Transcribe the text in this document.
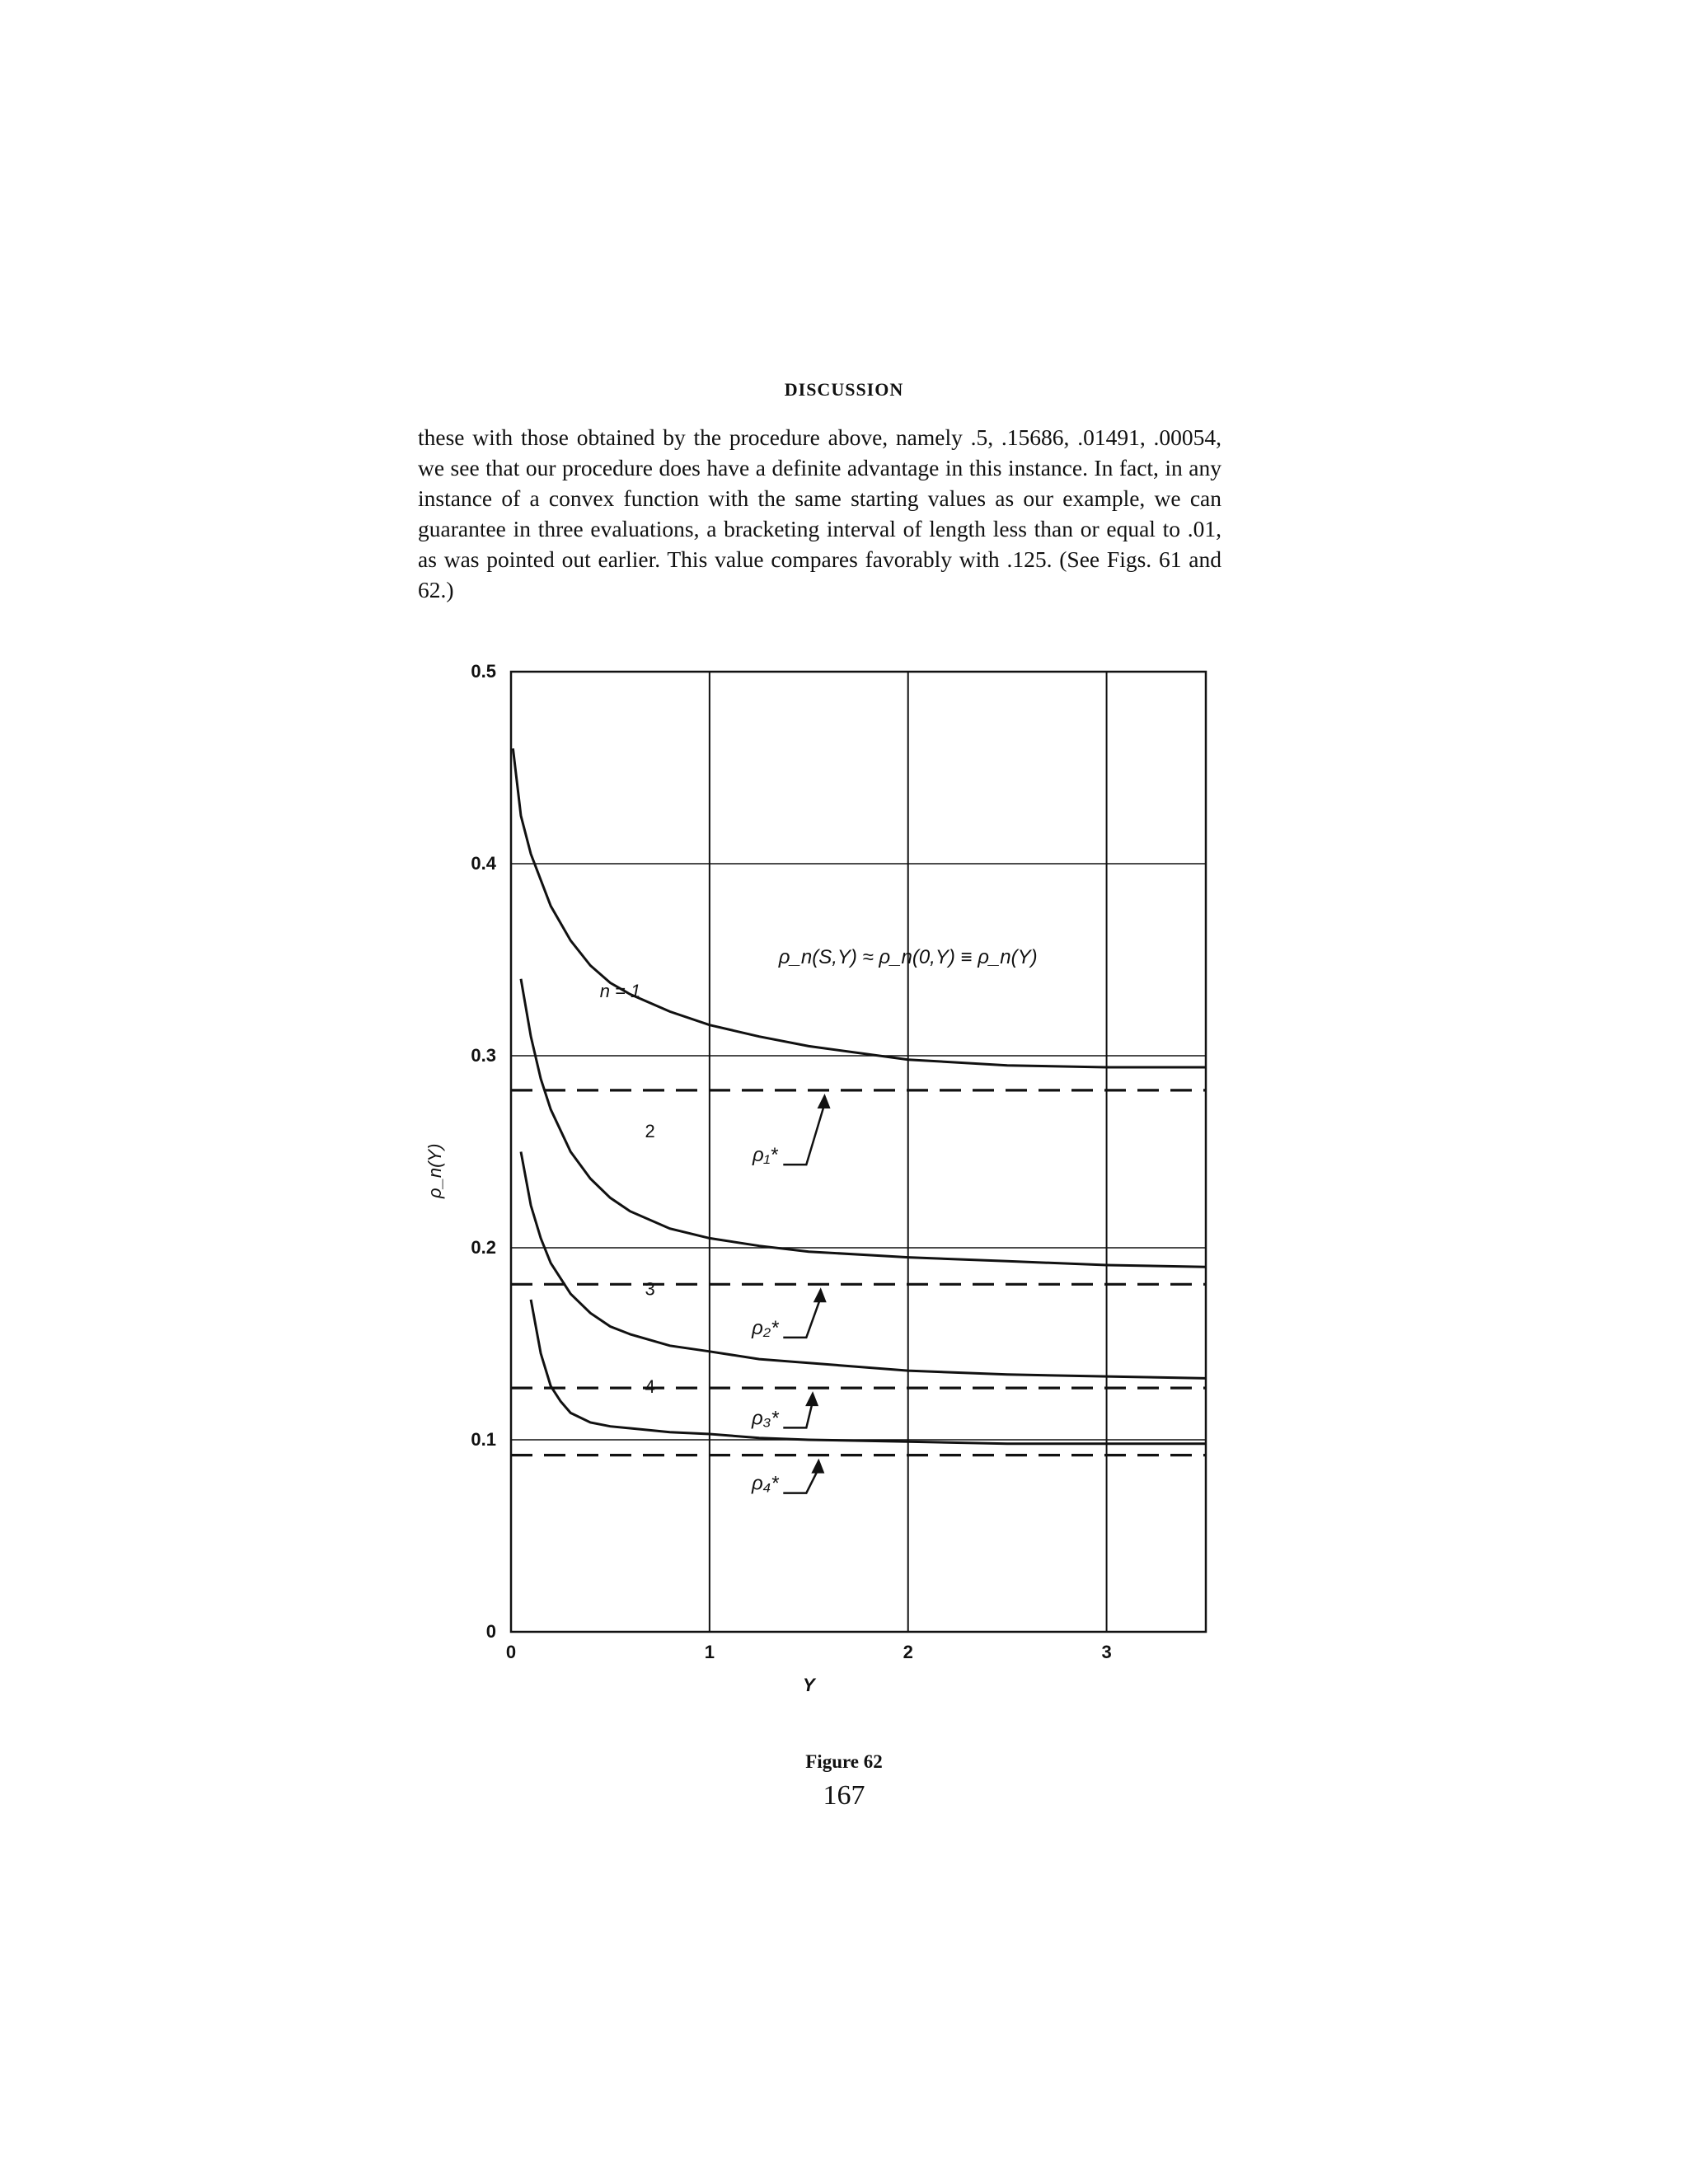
DISCUSSION

these with those obtained by the procedure above, namely .5, .15686, .01491, .00054, we see that our procedure does have a definite advantage in this instance. In fact, in any instance of a convex function with the same starting values as our example, we can guarantee in three evaluations, a bracketing interval of length less than or equal to .01, as was pointed out earlier. This value compares favorably with .125. (See Figs. 61 and 62.)

0	1	2	3
0
0.1
0.2
0.3
0.4
0.5
Y
ρ_n(Y)
n = 1
2
3
4
ρ₁*
ρ₂*
ρ₃*
ρ₄*
ρ_n(S,Y) ≈ ρ_n(0,Y) ≡ ρ_n(Y)
Figure 62
167
